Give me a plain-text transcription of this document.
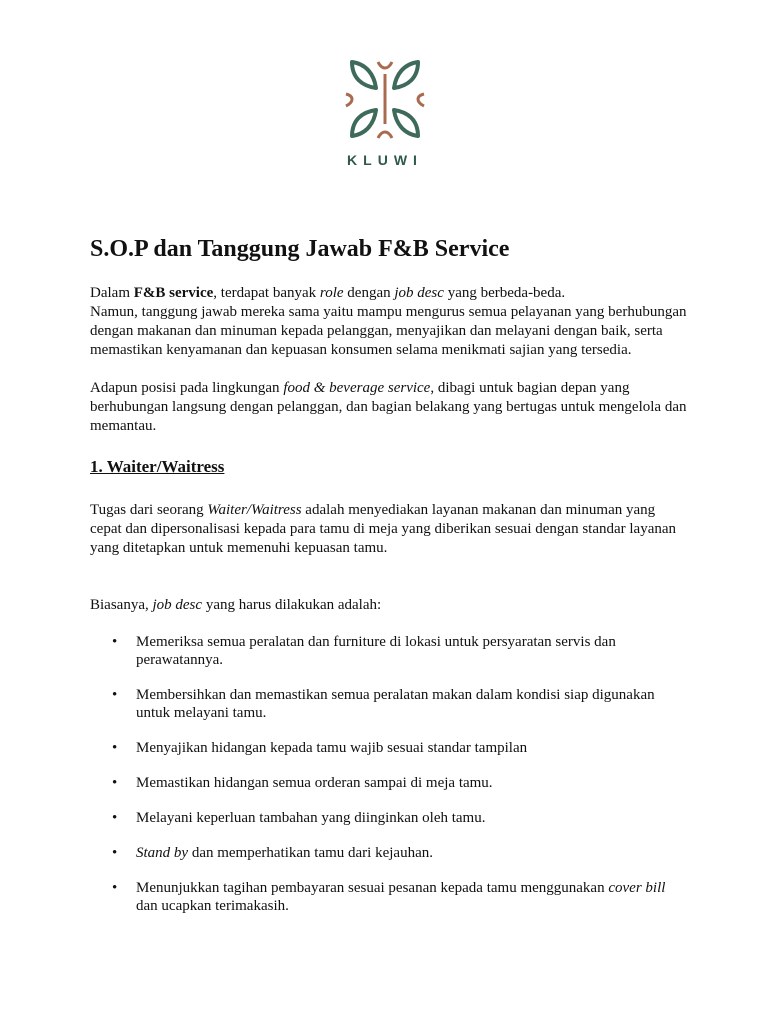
KLUWI
S.O.P dan Tanggung Jawab F&B Service

Dalam F&B service, terdapat banyak role dengan job desc yang berbeda-beda.
Namun, tanggung jawab mereka sama yaitu mampu mengurus semua pelayanan yang berhubungan dengan makanan dan minuman kepada pelanggan, menyajikan dan melayani dengan baik, serta memastikan kenyamanan dan kepuasan konsumen selama menikmati sajian yang tersedia.

Adapun posisi pada lingkungan food & beverage service, dibagi untuk bagian depan yang berhubungan langsung dengan pelanggan, dan bagian belakang yang bertugas untuk mengelola dan memantau.

1. Waiter/Waitress

Tugas dari seorang Waiter/Waitress adalah menyediakan layanan makanan dan minuman yang cepat dan dipersonalisasi kepada para tamu di meja yang diberikan sesuai dengan standar layanan yang ditetapkan untuk memenuhi kepuasan tamu.

Biasanya, job desc yang harus dilakukan adalah:

• Memeriksa semua peralatan dan furniture di lokasi untuk persyaratan servis dan perawatannya.
• Membersihkan dan memastikan semua peralatan makan dalam kondisi siap digunakan untuk melayani tamu.
• Menyajikan hidangan kepada tamu wajib sesuai standar tampilan
• Memastikan hidangan semua orderan sampai di meja tamu.
• Melayani keperluan tambahan yang diinginkan oleh tamu.
• Stand by dan memperhatikan tamu dari kejauhan.
• Menunjukkan tagihan pembayaran sesuai pesanan kepada tamu menggunakan cover bill dan ucapkan terimakasih.
